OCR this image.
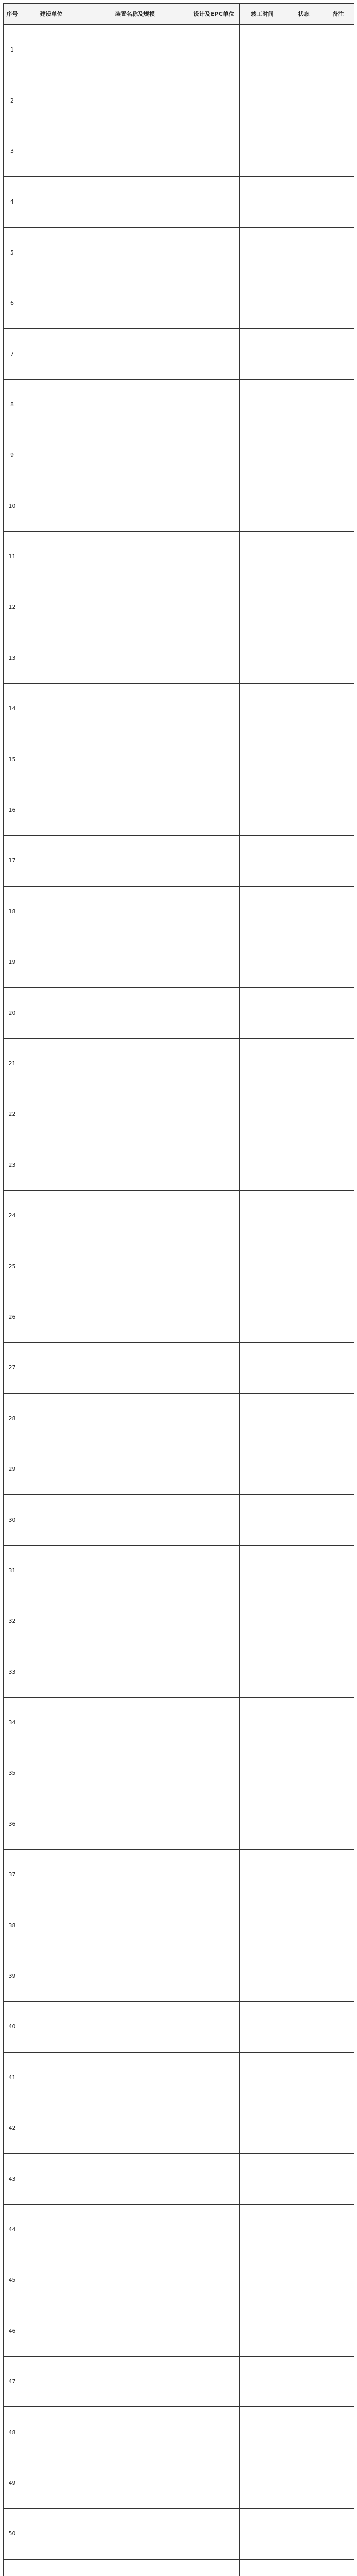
序号	建设单位	装置名称及规模	设计及EPC单位	竣工时间	状态	备注
1						
2						
3						
4						
5						
6						
7						
8						
9						
10						
11						
12						
13						
14						
15						
16						
17						
18						
19						
20						
21						
22						
23						
24						
25						
26						
27						
28						
29						
30						
31						
32						
33						
34						
35						
36						
37						
38						
39						
40						
41						
42						
43						
44						
45						
46						
47						
48						
49						
50						
